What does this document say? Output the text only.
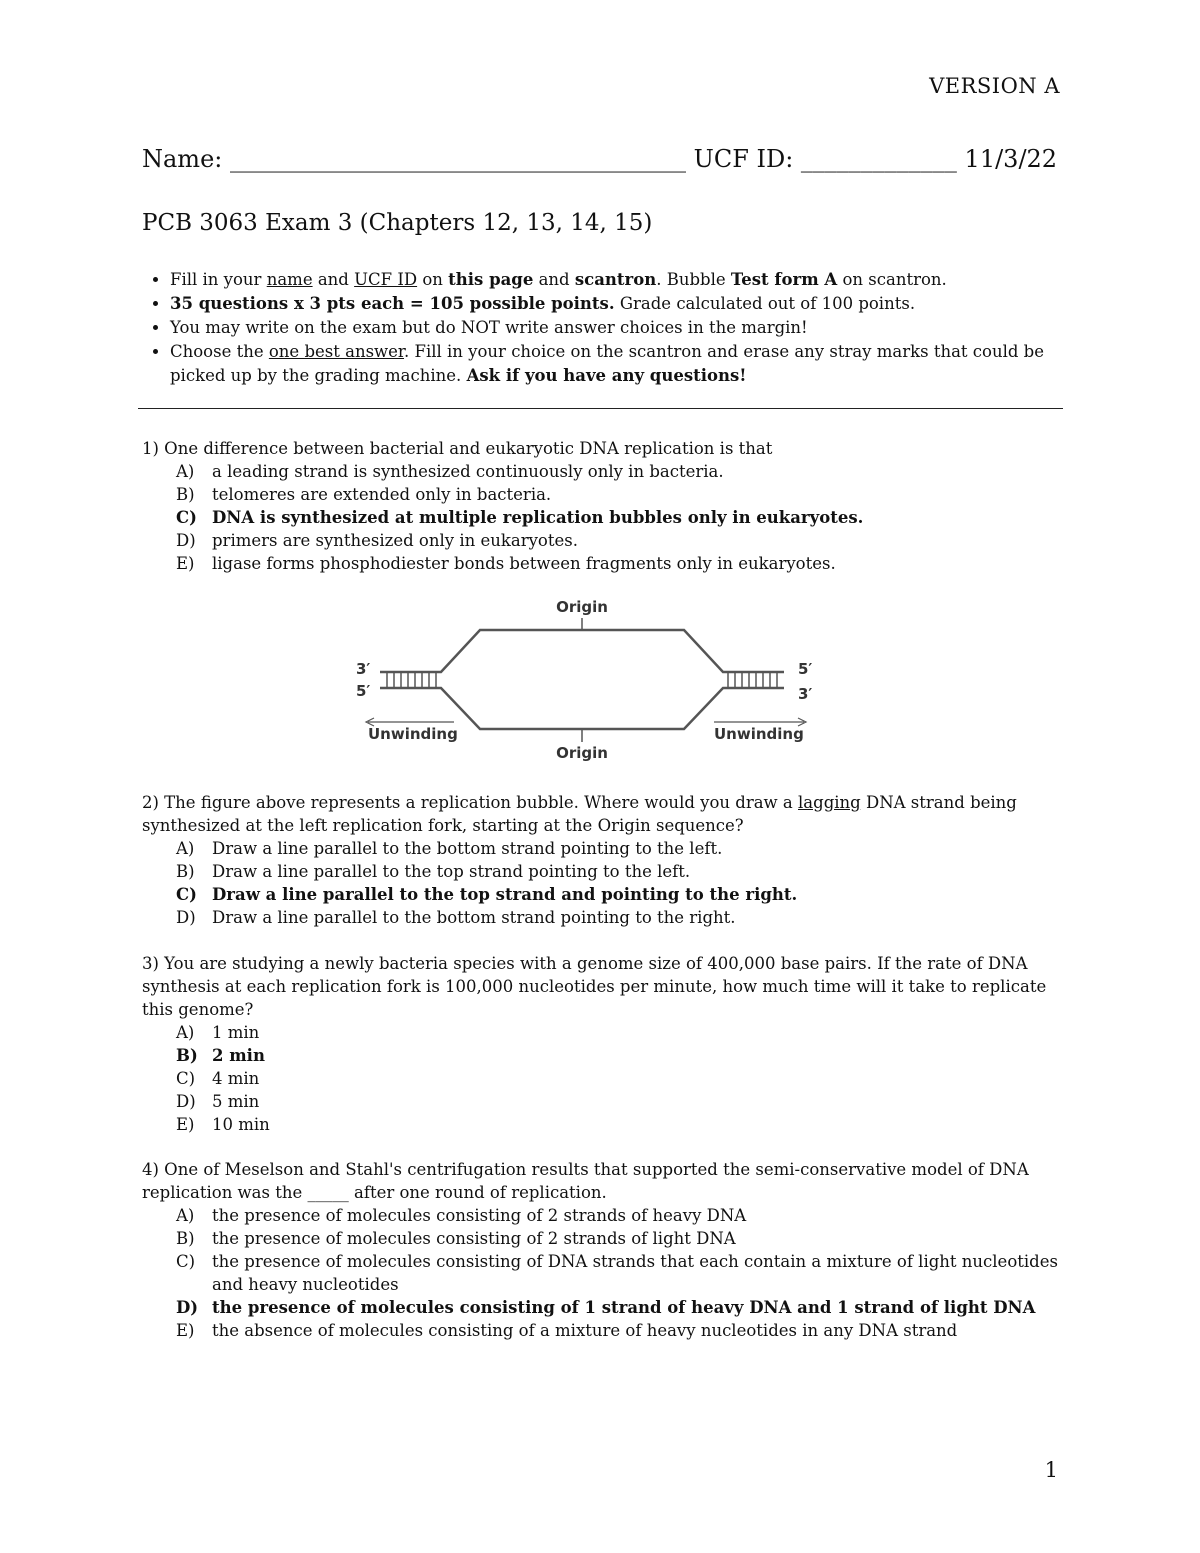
VERSION A
Name: ______________________________________ UCF ID: _____________ 11/3/22
PCB 3063 Exam 3 (Chapters 12, 13, 14, 15)
• Fill in your name and UCF ID on this page and scantron. Bubble Test form A on scantron.
• 35 questions x 3 pts each = 105 possible points. Grade calculated out of 100 points.
• You may write on the exam but do NOT write answer choices in the margin!
• Choose the one best answer. Fill in your choice on the scantron and erase any stray marks that could be picked up by the grading machine. Ask if you have any questions!

1) One difference between bacterial and eukaryotic DNA replication is that

A) a leading strand is synthesized continuously only in bacteria.
B) telomeres are extended only in bacteria.
C) DNA is synthesized at multiple replication bubbles only in eukaryotes.
D) primers are synthesized only in eukaryotes.
E) ligase forms phosphodiester bonds between fragments only in eukaryotes.
Origin
3′
5′
5′
3′
Unwinding	Unwinding
Origin

2) The figure above represents a replication bubble. Where would you draw a lagging DNA strand being synthesized at the left replication fork, starting at the Origin sequence?

A) Draw a line parallel to the bottom strand pointing to the left.
B) Draw a line parallel to the top strand pointing to the left.
C) Draw a line parallel to the top strand and pointing to the right.
D) Draw a line parallel to the bottom strand pointing to the right.

3) You are studying a newly bacteria species with a genome size of 400,000 base pairs. If the rate of DNA synthesis at each replication fork is 100,000 nucleotides per minute, how much time will it take to replicate this genome?

A) 1 min
B) 2 min
C) 4 min
D) 5 min
E) 10 min

4) One of Meselson and Stahl's centrifugation results that supported the semi-conservative model of DNA replication was the _____ after one round of replication.

A) the presence of molecules consisting of 2 strands of heavy DNA
B) the presence of molecules consisting of 2 strands of light DNA
C) the presence of molecules consisting of DNA strands that each contain a mixture of light nucleotides and heavy nucleotides
D) the presence of molecules consisting of 1 strand of heavy DNA and 1 strand of light DNA
E) the absence of molecules consisting of a mixture of heavy nucleotides in any DNA strand
1
